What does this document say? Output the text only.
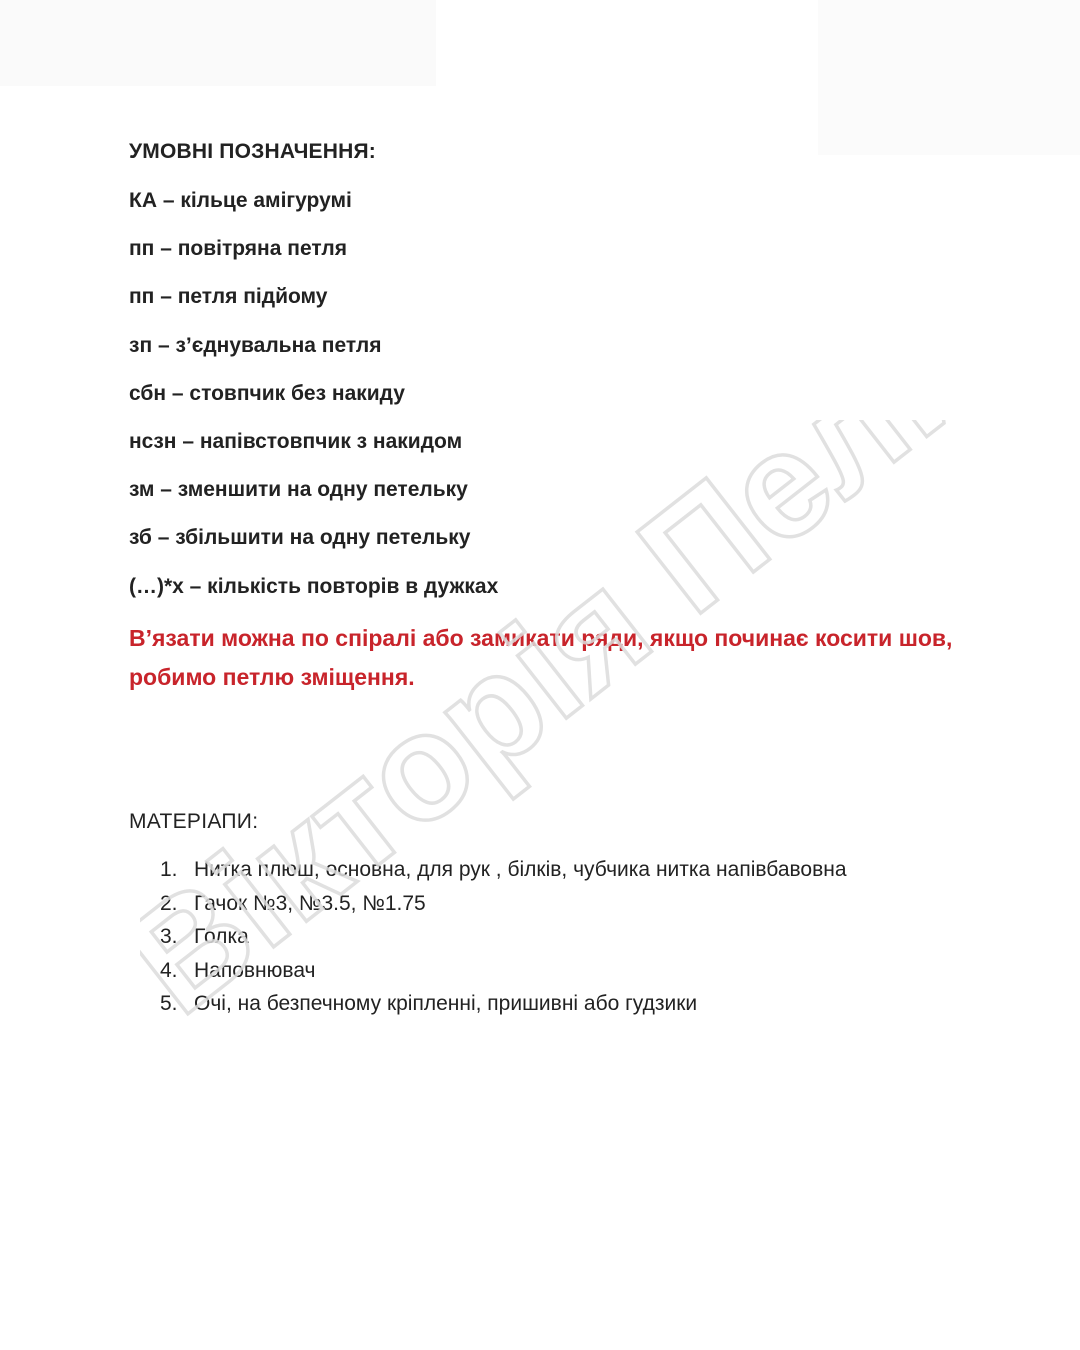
УМОВНІ ПОЗНАЧЕННЯ:
КА – кільце амігурумі
пп – повітряна петля
пп – петля підйому
зп – з’єднувальна петля
сбн – стовпчик без накиду
нсзн – напівстовпчик з накидом
зм – зменшити на одну петельку
зб – збільшити на одну петельку
(…)*х – кількість повторів в дужках
В’язати можна по спіралі або замикати ряди, якщо починає косити шов, робимо петлю зміщення.
МАТЕРІАПИ:
1. Нитка плюш, основна, для рук , білків, чубчика нитка напівбавовна
2. Гачок №3, №3.5, №1.75
3. Голка
4. Наповнювач
5. Очі, на безпечному кріпленні, пришивні або гудзики
Вікторія Пелих
